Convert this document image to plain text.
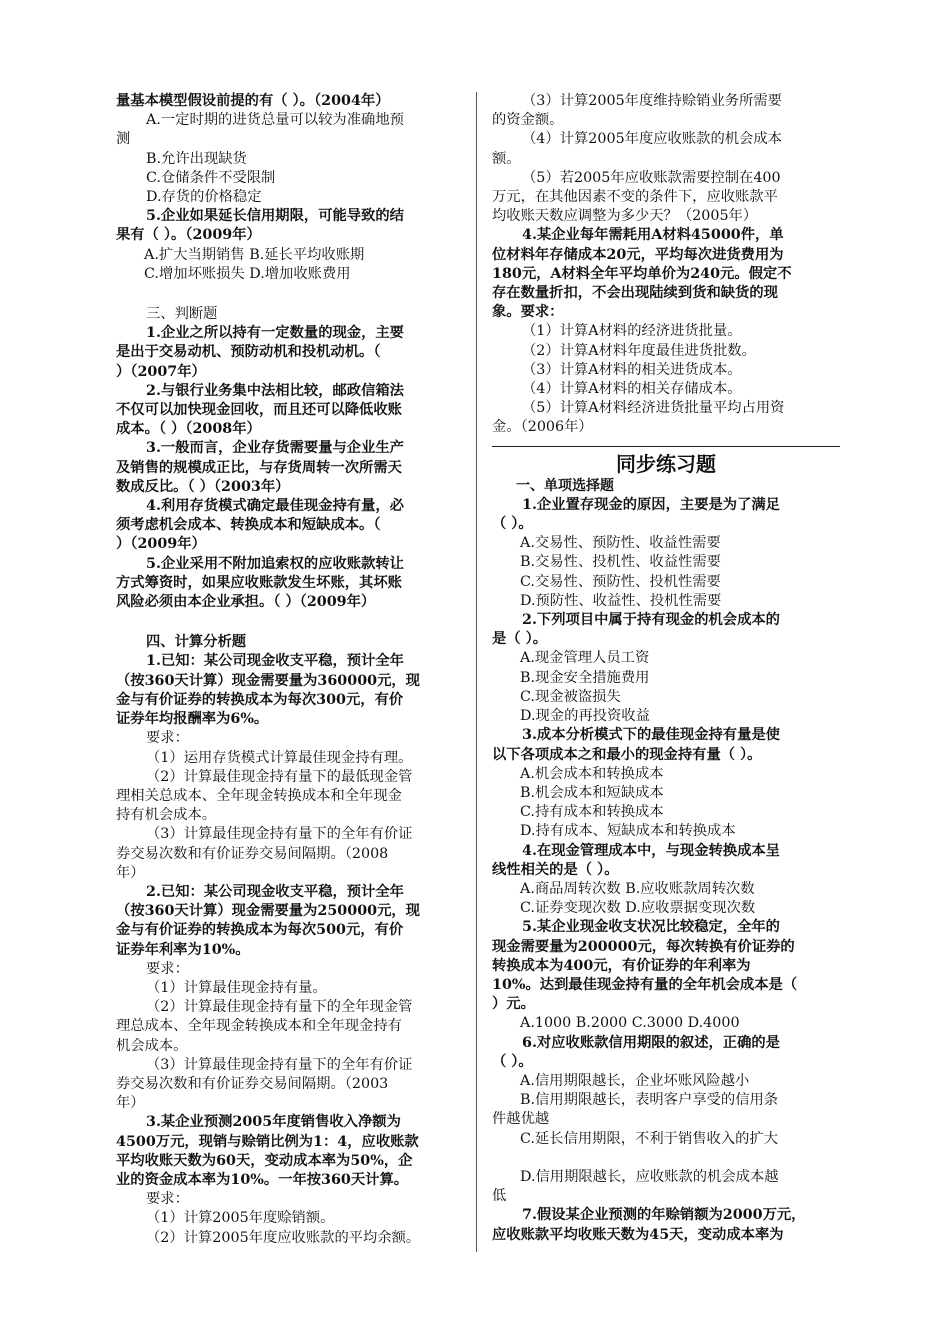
量基本模型假设前提的有（ ）。（2004年）
A.一定时期的进货总量可以较为准确地预
测
B.允许出现缺货
C.仓储条件不受限制
D.存货的价格稳定
5.企业如果延长信用期限，可能导致的结
果有（ ）。（2009年）
A.扩大当期销售 B.延长平均收账期
C.增加坏账损失 D.增加收账费用
三、判断题
1.企业之所以持有一定数量的现金，主要
是出于交易动机、预防动机和投机动机。（
）（2007年）
2.与银行业务集中法相比较，邮政信箱法
不仅可以加快现金回收，而且还可以降低收账
成本。（ ）（2008年）
3.一般而言，企业存货需要量与企业生产
及销售的规模成正比，与存货周转一次所需天
数成反比。（ ）（2003年）
4.利用存货模式确定最佳现金持有量，必
须考虑机会成本、转换成本和短缺成本。（
）（2009年）
5.企业采用不附加追索权的应收账款转让
方式筹资时，如果应收账款发生坏账，其坏账
风险必须由本企业承担。（ ）（2009年）
四、计算分析题
1.已知：某公司现金收支平稳，预计全年
（按360天计算）现金需要量为360000元，现
金与有价证券的转换成本为每次300元，有价
证券年均报酬率为6%。
要求：
（1）运用存货模式计算最佳现金持有理。
（2）计算最佳现金持有量下的最低现金管
理相关总成本、全年现金转换成本和全年现金
持有机会成本。
（3）计算最佳现金持有量下的全年有价证
券交易次数和有价证券交易间隔期。（2008
年）
2.已知：某公司现金收支平稳，预计全年
（按360天计算）现金需要量为250000元，现
金与有价证券的转换成本为每次500元，有价
证券年利率为10%。
要求：
（1）计算最佳现金持有量。
（2）计算最佳现金持有量下的全年现金管
理总成本、全年现金转换成本和全年现金持有
机会成本。
（3）计算最佳现金持有量下的全年有价证
券交易次数和有价证券交易间隔期。（2003
年）
3.某企业预测2005年度销售收入净额为
4500万元，现销与赊销比例为1：4，应收账款
平均收账天数为60天，变动成本率为50%，企
业的资金成本率为10%。一年按360天计算。
要求：
（1）计算2005年度赊销额。
（2）计算2005年度应收账款的平均余额。
（3）计算2005年度维持赊销业务所需要
的资金额。
（4）计算2005年度应收账款的机会成本
额。
（5）若2005年应收账款需要控制在400
万元，在其他因素不变的条件下，应收账款平
均收账天数应调整为多少天？（2005年）
4.某企业每年需耗用A材料45000件，单
位材料年存储成本20元，平均每次进货费用为
180元，A材料全年平均单价为240元。假定不
存在数量折扣，不会出现陆续到货和缺货的现
象。要求：
（1）计算A材料的经济进货批量。
（2）计算A材料年度最佳进货批数。
（3）计算A材料的相关进货成本。
（4）计算A材料的相关存储成本。
（5）计算A材料经济进货批量平均占用资
金。（2006年）
同步练习题
一、单项选择题
1.企业置存现金的原因，主要是为了满足
（ ）。
A.交易性、预防性、收益性需要
B.交易性、投机性、收益性需要
C.交易性、预防性、投机性需要
D.预防性、收益性、投机性需要
2.下列项目中属于持有现金的机会成本的
是（ ）。
A.现金管理人员工资
B.现金安全措施费用
C.现金被盗损失
D.现金的再投资收益
3.成本分析模式下的最佳现金持有量是使
以下各项成本之和最小的现金持有量（ ）。
A.机会成本和转换成本
B.机会成本和短缺成本
C.持有成本和转换成本
D.持有成本、短缺成本和转换成本
4.在现金管理成本中，与现金转换成本呈
线性相关的是（ ）。
A.商品周转次数 B.应收账款周转次数
C.证券变现次数 D.应收票据变现次数
5.某企业现金收支状况比较稳定，全年的
现金需要量为200000元，每次转换有价证券的
转换成本为400元，有价证券的年利率为
10%。达到最佳现金持有量的全年机会成本是（
）元。
A.1000 B.2000 C.3000 D.4000
6.对应收账款信用期限的叙述，正确的是
（ ）。
A.信用期限越长，企业坏账风险越小
B.信用期限越长，表明客户享受的信用条
件越优越
C.延长信用期限，不利于销售收入的扩大
D.信用期限越长，应收账款的机会成本越
低
7.假设某企业预测的年赊销额为2000万元，
应收账款平均收账天数为45天，变动成本率为
